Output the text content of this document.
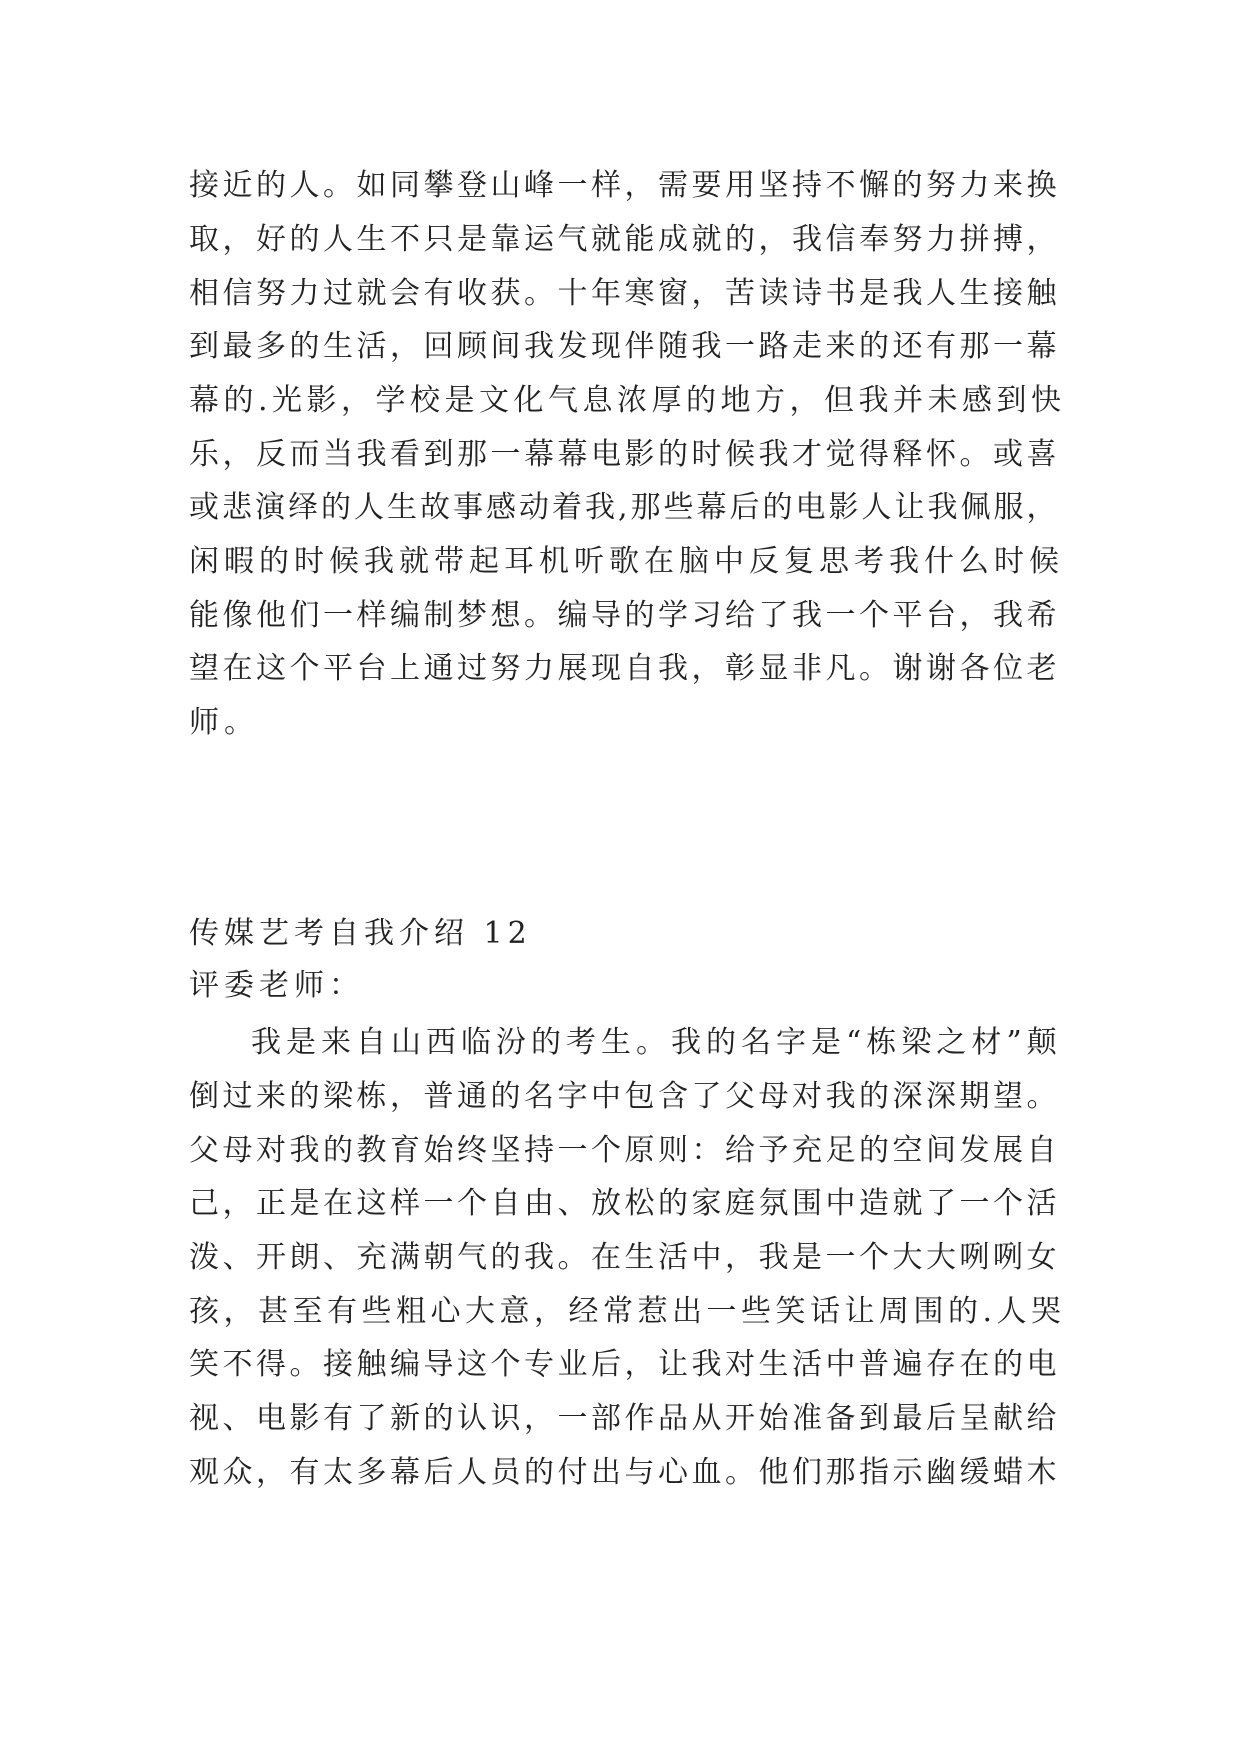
接近的人。如同攀登山峰一样，需要用坚持不懈的努力来换

取，好的人生不只是靠运气就能成就的，我信奉努力拼搏，

相信努力过就会有收获。十年寒窗，苦读诗书是我人生接触

到最多的生活，回顾间我发现伴随我一路走来的还有那一幕

幕的.光影，学校是文化气息浓厚的地方，但我并未感到快

乐，反而当我看到那一幕幕电影的时候我才觉得释怀。或喜

或悲演绎的人生故事感动着我,那些幕后的电影人让我佩服，

闲暇的时候我就带起耳机听歌在脑中反复思考我什么时候

能像他们一样编制梦想。编导的学习给了我一个平台，我希

望在这个平台上通过努力展现自我，彰显非凡。谢谢各位老

师。

传媒艺考自我介绍 12

评委老师：

我是来自山西临汾的考生。我的名字是“栋梁之材”颠

倒过来的梁栋，普通的名字中包含了父母对我的深深期望。

父母对我的教育始终坚持一个原则：给予充足的空间发展自

己，正是在这样一个自由、放松的家庭氛围中造就了一个活

泼、开朗、充满朝气的我。在生活中，我是一个大大咧咧女

孩，甚至有些粗心大意，经常惹出一些笑话让周围的.人哭

笑不得。接触编导这个专业后，让我对生活中普遍存在的电

视、电影有了新的认识，一部作品从开始准备到最后呈献给

观众，有太多幕后人员的付出与心血。他们那指示幽缓蜡木
